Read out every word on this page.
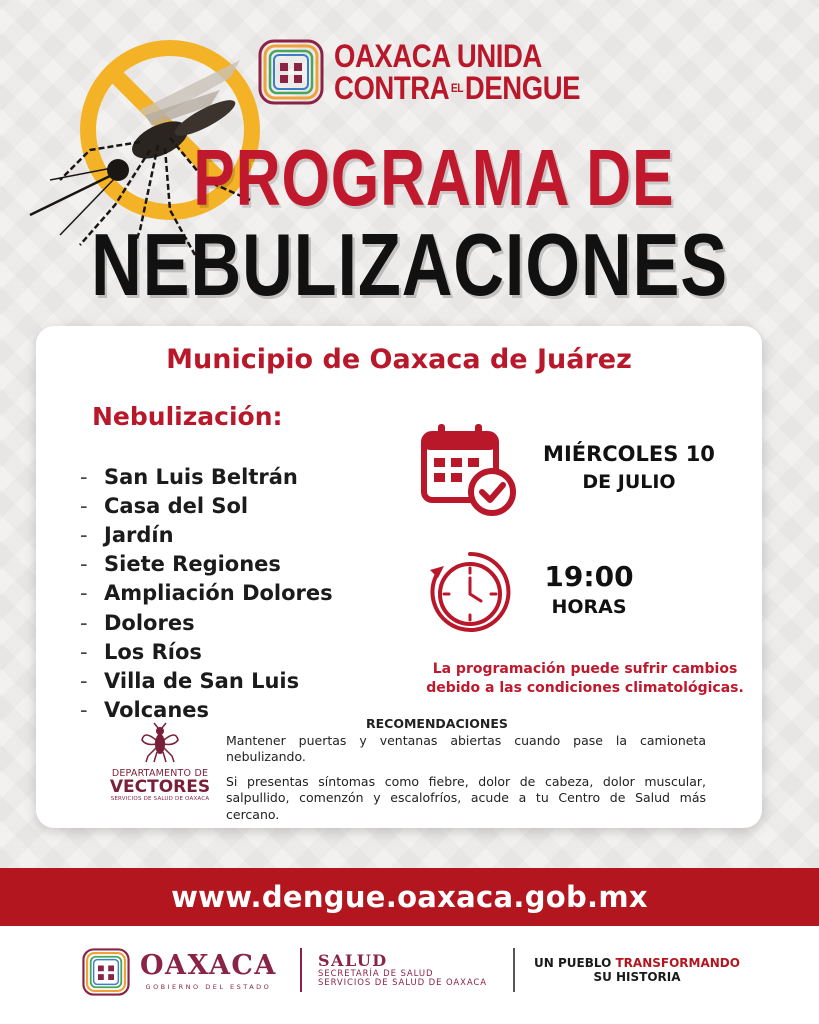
OAXACA UNIDA
CONTRA EL DENGUE
PROGRAMA DE
NEBULIZACIONES
Municipio de Oaxaca de Juárez
Nebulización:
- San Luis Beltrán
- Casa del Sol
- Jardín
- Siete Regiones
- Ampliación Dolores
- Dolores
- Los Ríos
- Villa de San Luis
- Volcanes
MIÉRCOLES 10
DE JULIO
19:00
HORAS
La programación puede sufrir cambios
debido a las condiciones climatológicas.
DEPARTAMENTO DE
VECTORES
SERVICIOS DE SALUD DE OAXACA
RECOMENDACIONES
Mantener puertas y ventanas abiertas cuando pase la camioneta nebulizando.
Si presentas síntomas como fiebre, dolor de cabeza, dolor muscular, salpullido, comenzón y escalofríos, acude a tu Centro de Salud más cercano.
www.dengue.oaxaca.gob.mx
OAXACA
GOBIERNO DEL ESTADO
SALUD
SECRETARÍA DE SALUD
SERVICIOS DE SALUD DE OAXACA
UN PUEBLO TRANSFORMANDO
SU HISTORIA
